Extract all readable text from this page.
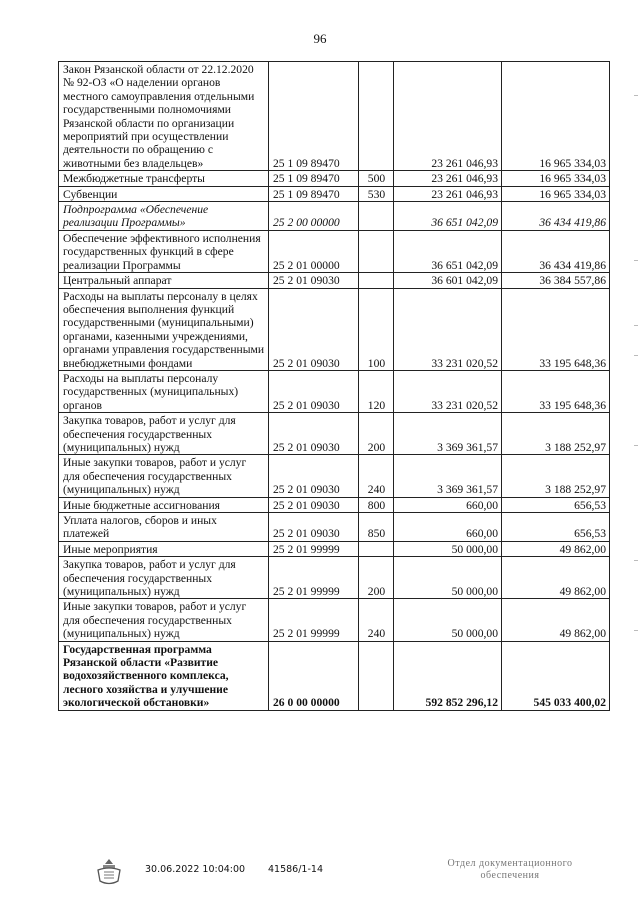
96
Закон Рязанской области от 22.12.2020 № 92-ОЗ «О наделении органов местного самоуправления отдельными государственными полномочиями Рязанской области по организации мероприятий при осуществлении деятельности по обращению с животными без владельцев»	25 1 09 89470		23 261 046,93	16 965 334,03
Межбюджетные трансферты	25 1 09 89470	500	23 261 046,93	16 965 334,03
Субвенции	25 1 09 89470	530	23 261 046,93	16 965 334,03
Подпрограмма «Обеспечение реализации Программы»	25 2 00 00000		36 651 042,09	36 434 419,86
Обеспечение эффективного исполнения государственных функций в сфере реализации Программы	25 2 01 00000		36 651 042,09	36 434 419,86
Центральный аппарат	25 2 01 09030		36 601 042,09	36 384 557,86
Расходы на выплаты персоналу в целях обеспечения выполнения функций государственными (муниципальными) органами, казенными учреждениями, органами управления государственными внебюджетными фондами	25 2 01 09030	100	33 231 020,52	33 195 648,36
Расходы на выплаты персоналу государственных (муниципальных) органов	25 2 01 09030	120	33 231 020,52	33 195 648,36
Закупка товаров, работ и услуг для обеспечения государственных (муниципальных) нужд	25 2 01 09030	200	3 369 361,57	3 188 252,97
Иные закупки товаров, работ и услуг для обеспечения государственных (муниципальных) нужд	25 2 01 09030	240	3 369 361,57	3 188 252,97
Иные бюджетные ассигнования	25 2 01 09030	800	660,00	656,53
Уплата налогов, сборов и иных платежей	25 2 01 09030	850	660,00	656,53
Иные мероприятия	25 2 01 99999		50 000,00	49 862,00
Закупка товаров, работ и услуг для обеспечения государственных (муниципальных) нужд	25 2 01 99999	200	50 000,00	49 862,00
Иные закупки товаров, работ и услуг для обеспечения государственных (муниципальных) нужд	25 2 01 99999	240	50 000,00	49 862,00
Государственная программа Рязанской области «Развитие водохозяйственного комплекса, лесного хозяйства и улучшение экологической обстановки»	26 0 00 00000		592 852 296,12	545 033 400,02
30.06.2022 10:04:00 41586/1-14
Отдел документационного
обеспечения
